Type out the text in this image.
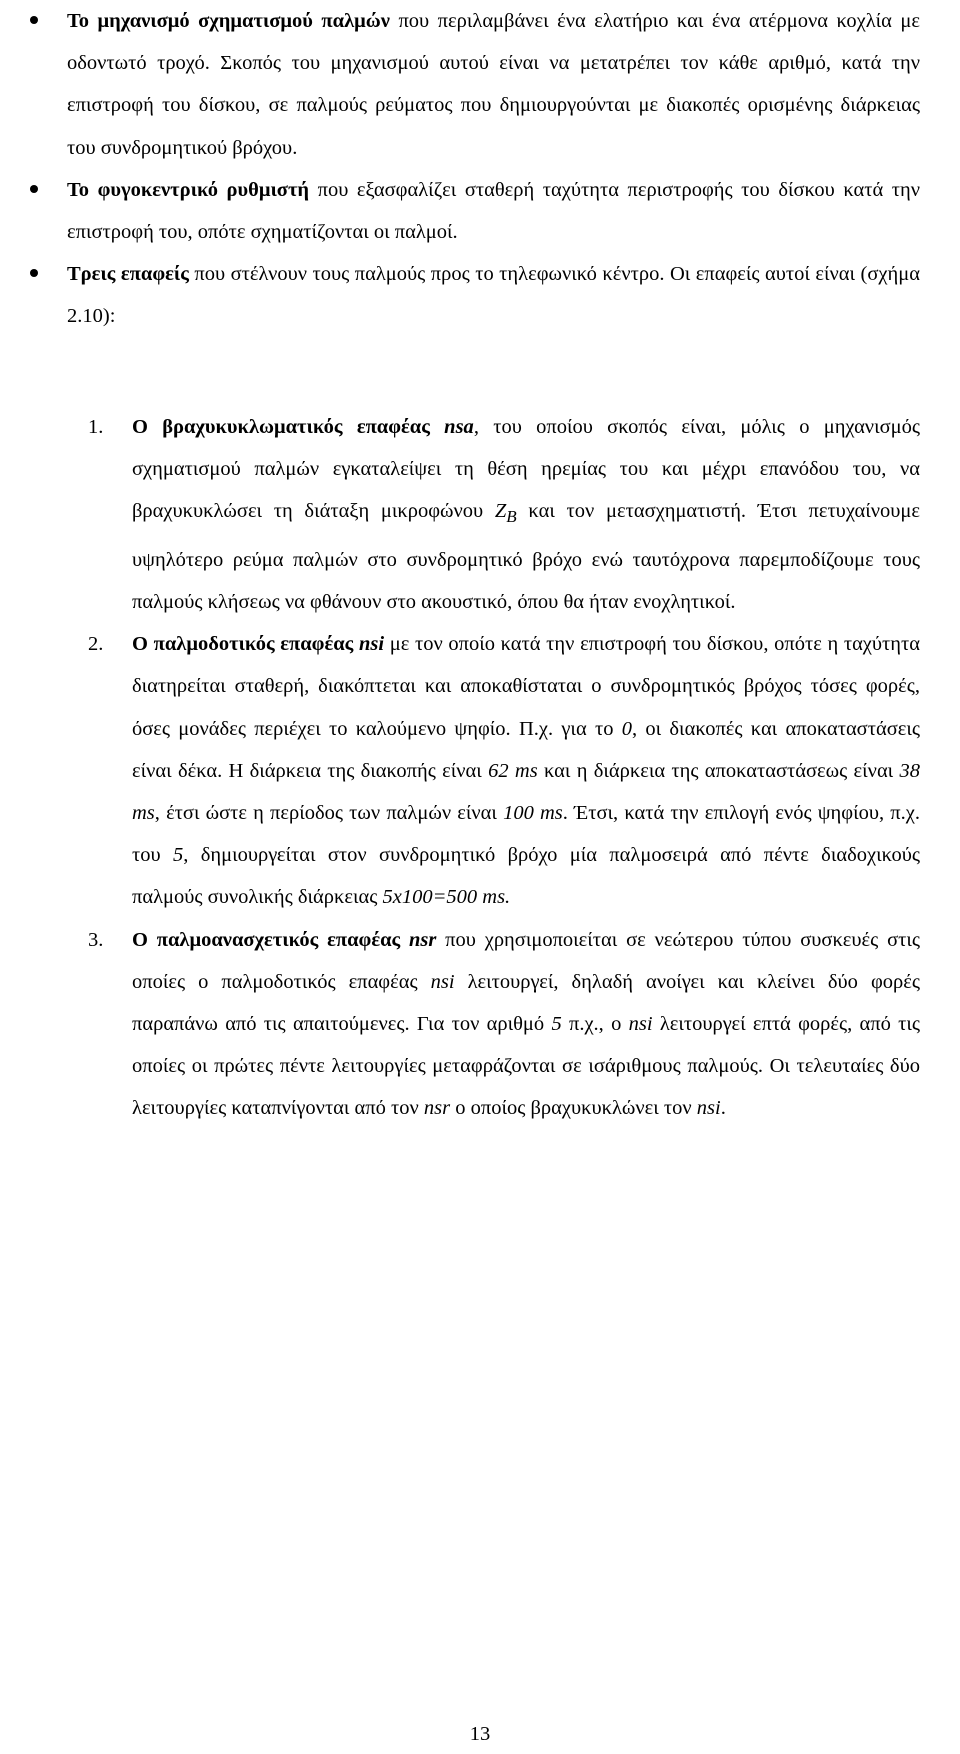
Το μηχανισμό σχηματισμού παλμών που περιλαμβάνει ένα ελατήριο και ένα ατέρμονα κοχλία με οδοντωτό τροχό. Σκοπός του μηχανισμού αυτού είναι να μετατρέπει τον κάθε αριθμό, κατά την επιστροφή του δίσκου, σε παλμούς ρεύματος που δημιουργούνται με διακοπές ορισμένης διάρκειας του συνδρομητικού βρόχου.
Το φυγοκεντρικό ρυθμιστή που εξασφαλίζει σταθερή ταχύτητα περιστροφής του δίσκου κατά την επιστροφή του, οπότε σχηματίζονται οι παλμοί.
Τρεις επαφείς που στέλνουν τους παλμούς προς το τηλεφωνικό κέντρο. Οι επαφείς αυτοί είναι (σχήμα 2.10):
1. Ο βραχυκυκλωματικός επαφέας nsa, του οποίου σκοπός είναι, μόλις ο μηχανισμός σχηματισμού παλμών εγκαταλείψει τη θέση ηρεμίας του και μέχρι επανόδου του, να βραχυκυκλώσει τη διάταξη μικροφώνου $Z_B$ και τον μετασχηματιστή. Έτσι πετυχαίνουμε υψηλότερο ρεύμα παλμών στο συνδρομητικό βρόχο ενώ ταυτόχρονα παρεμποδίζουμε τους παλμούς κλήσεως να φθάνουν στο ακουστικό, όπου θα ήταν ενοχλητικοί.
2. Ο παλμοδοτικός επαφέας nsi με τον οποίο κατά την επιστροφή του δίσκου, οπότε η ταχύτητα διατηρείται σταθερή, διακόπτεται και αποκαθίσταται ο συνδρομητικός βρόχος τόσες φορές, όσες μονάδες περιέχει το καλούμενο ψηφίο. Π.χ. για το 0, οι διακοπές και αποκαταστάσεις είναι δέκα. Η διάρκεια της διακοπής είναι 62 ms και η διάρκεια της αποκαταστάσεως είναι 38 ms, έτσι ώστε η περίοδος των παλμών είναι 100 ms. Έτσι, κατά την επιλογή ενός ψηφίου, π.χ. του 5, δημιουργείται στον συνδρομητικό βρόχο μία παλμοσειρά από πέντε διαδοχικούς παλμούς συνολικής διάρκειας 5x100=500 ms.
3. Ο παλμοανασχετικός επαφέας nsr που χρησιμοποιείται σε νεώτερου τύπου συσκευές στις οποίες ο παλμοδοτικός επαφέας nsi λειτουργεί, δηλαδή ανοίγει και κλείνει δύο φορές παραπάνω από τις απαιτούμενες. Για τον αριθμό 5 π.χ., ο nsi λειτουργεί επτά φορές, από τις οποίες οι πρώτες πέντε λειτουργίες μεταφράζονται σε ισάριθμους παλμούς. Οι τελευταίες δύο λειτουργίες καταπνίγονται από τον nsr ο οποίος βραχυκυκλώνει τον nsi.
13
